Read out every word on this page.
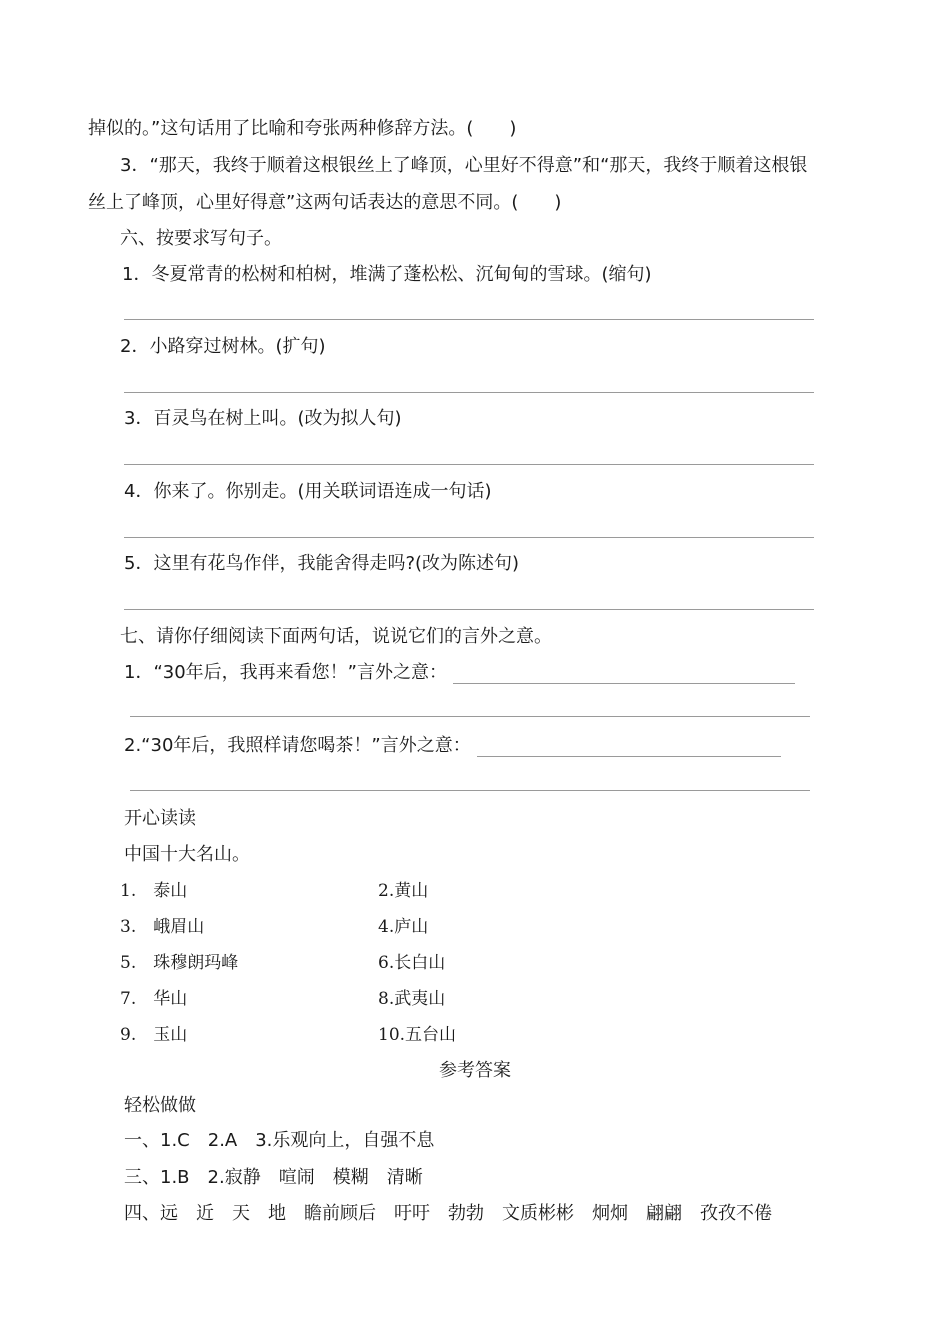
掉似的。”这句话用了比喻和夸张两种修辞方法。(　　)
3．“那天，我终于顺着这根银丝上了峰顶，心里好不得意”和“那天，我终于顺着这根银
丝上了峰顶，心里好得意”这两句话表达的意思不同。(　　)
六、按要求写句子。
1．冬夏常青的松树和柏树，堆满了蓬松松、沉甸甸的雪球。(缩句)
2．小路穿过树林。(扩句)
3．百灵鸟在树上叫。(改为拟人句)
4．你来了。你别走。(用关联词语连成一句话)
5．这里有花鸟作伴，我能舍得走吗?(改为陈述句)
七、请你仔细阅读下面两句话，说说它们的言外之意。
1．“30年后，我再来看您！”言外之意：
2.“30年后，我照样请您喝茶！”言外之意：
开心读读
中国十大名山。
1.　泰山	2.黄山
3.　峨眉山	4.庐山
5.　珠穆朗玛峰	6.长白山
7.　华山	8.武夷山
9.　玉山	10.五台山
参考答案
轻松做做
一、1.C　2.A　3.乐观向上，自强不息
三、1.B　2.寂静　喧闹　模糊　清晰
四、远　近　天　地　瞻前顾后　吁吁　勃勃　文质彬彬　炯炯　翩翩　孜孜不倦
